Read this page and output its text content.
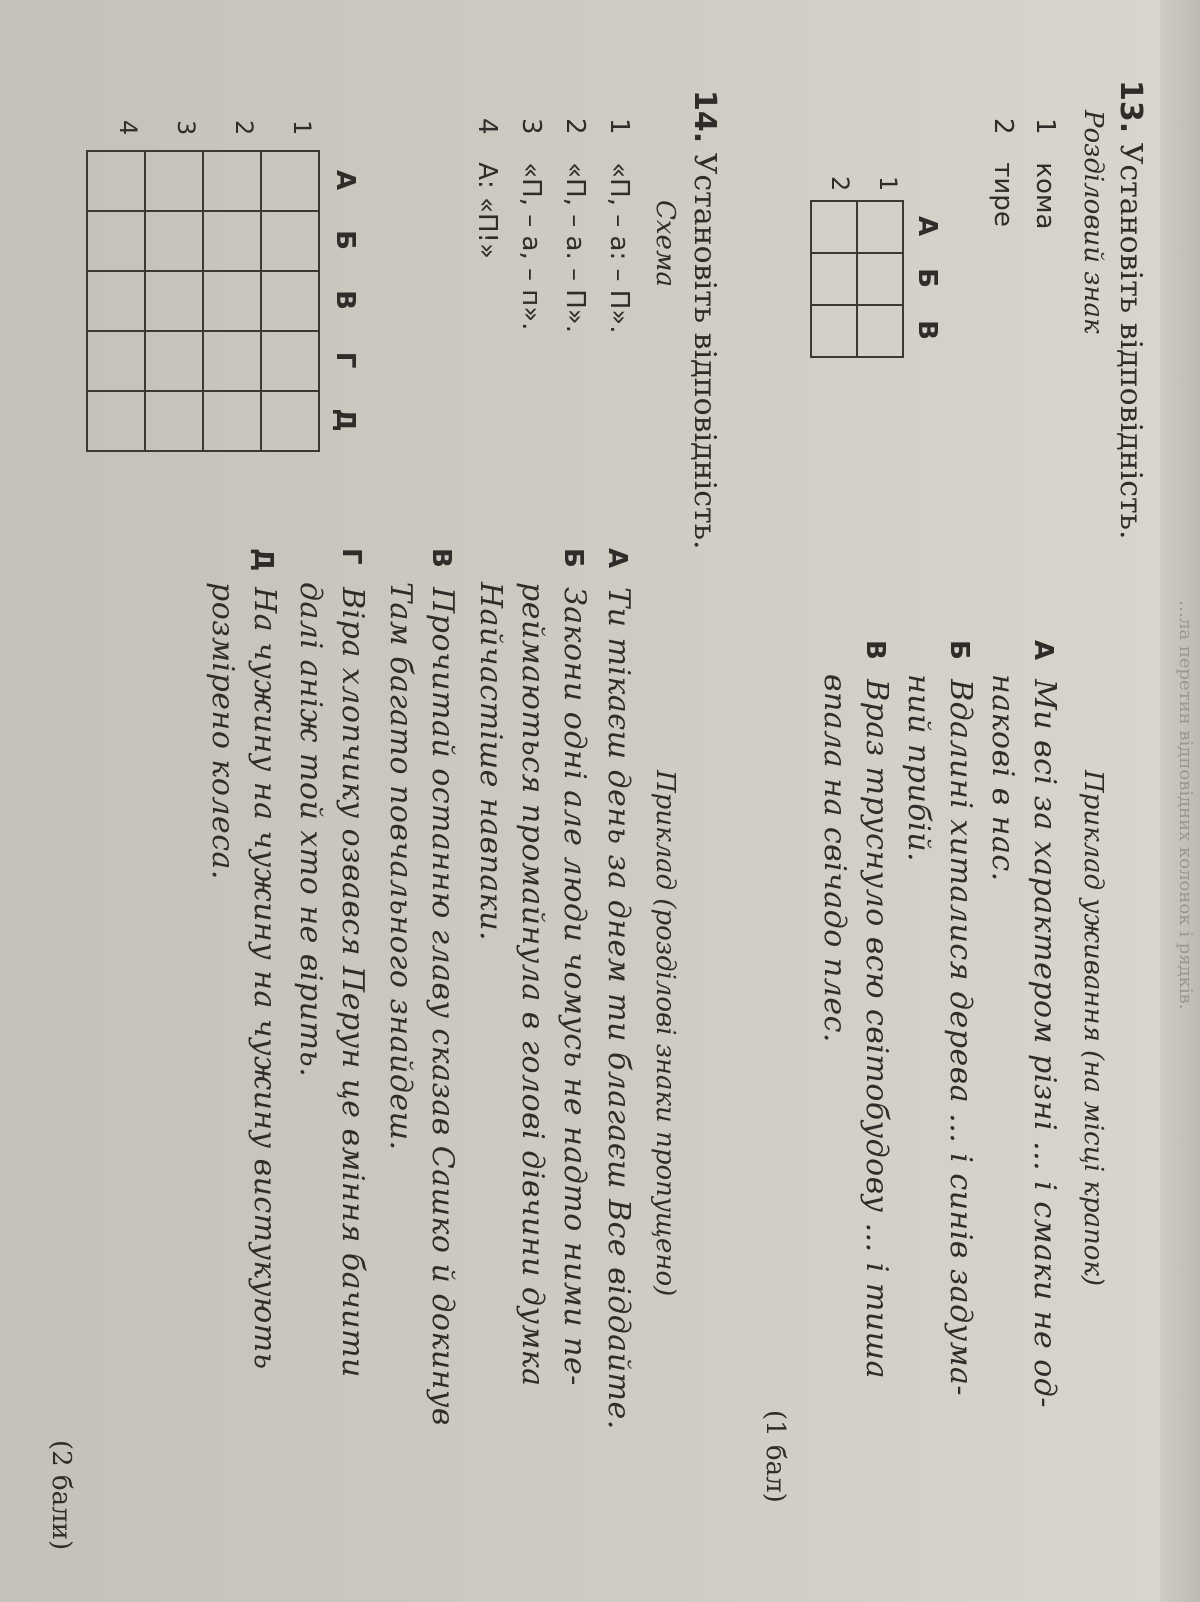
…ла перетин відповідних колонок і рядків.
13. Установіть відповідність.
Розділовий знак
Приклад уживання (на місці крапок)
1 кома
2 тире
А Ми всі за характером різні ... і смаки не од-
накові в нас.
Б Вдалині хиталися дерева ... і синів задума-
ний прибій.
В Враз труснуло всю світобудову ... і тиша
впала на свічадо плес.
А
Б
В
1
2

(1 бал)
14. Установіть відповідність.
Схема
Приклад (розділові знаки пропущено)
1 «П, – а: – П».
2 «П, – а. – П».
3 «П, – а, – п».
4 А: «П!»
А Ти тікаєш день за днем ти благаєш Все віддайте.
Б Закони одні але люди чомусь не надто ними пе-
реймаються промайнула в голові дівчини думка
Найчастіше навпаки.
В Прочитай останню главу сказав Сашко й докинув
Там багато повчального знайдеш.
Г Віра хлопчику озвався Перун це вміння бачити
далі аніж той хто не вірить.
Д На чужину на чужину на чужину вистукують
розмірено колеса.
А
Б
В
Г
Д
1
2
3
4

(2 бали)
